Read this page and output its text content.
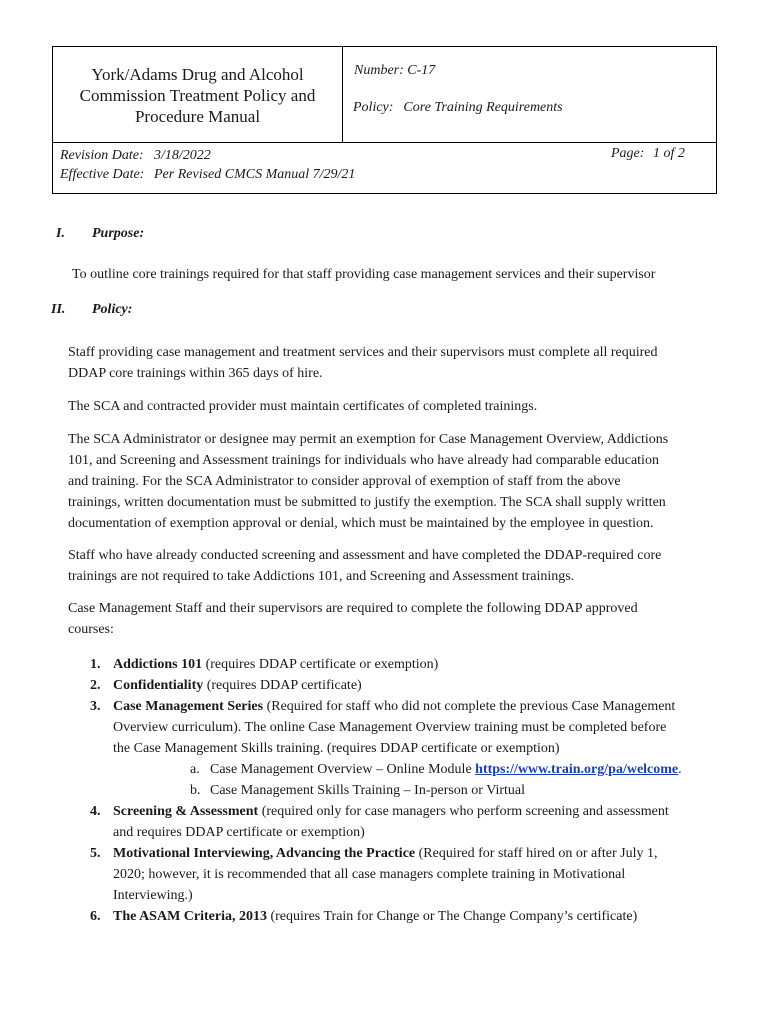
York/Adams Drug and Alcohol
Commission Treatment Policy and
Procedure Manual
Number: C-17
Policy: Core Training Requirements
Revision Date: 3/18/2022
Effective Date: Per Revised CMCS Manual 7/29/21
Page: 1 of 2
I. Purpose:
To outline core trainings required for that staff providing case management services and their supervisor
II. Policy:
Staff providing case management and treatment services and their supervisors must complete all required
DDAP core trainings within 365 days of hire.
The SCA and contracted provider must maintain certificates of completed trainings.
The SCA Administrator or designee may permit an exemption for Case Management Overview, Addictions
101, and Screening and Assessment trainings for individuals who have already had comparable education
and training. For the SCA Administrator to consider approval of exemption of staff from the above
trainings, written documentation must be submitted to justify the exemption. The SCA shall supply written
documentation of exemption approval or denial, which must be maintained by the employee in question.
Staff who have already conducted screening and assessment and have completed the DDAP-required core
trainings are not required to take Addictions 101, and Screening and Assessment trainings.
Case Management Staff and their supervisors are required to complete the following DDAP approved
courses:
1. Addictions 101 (requires DDAP certificate or exemption)
2. Confidentiality (requires DDAP certificate)
3. Case Management Series (Required for staff who did not complete the previous Case Management
Overview curriculum). The online Case Management Overview training must be completed before
the Case Management Skills training. (requires DDAP certificate or exemption)
a. Case Management Overview – Online Module https://www.train.org/pa/welcome.
b. Case Management Skills Training – In-person or Virtual
4. Screening & Assessment (required only for case managers who perform screening and assessment
and requires DDAP certificate or exemption)
5. Motivational Interviewing, Advancing the Practice (Required for staff hired on or after July 1,
2020; however, it is recommended that all case managers complete training in Motivational
Interviewing.)
6. The ASAM Criteria, 2013 (requires Train for Change or The Change Company’s certificate)
